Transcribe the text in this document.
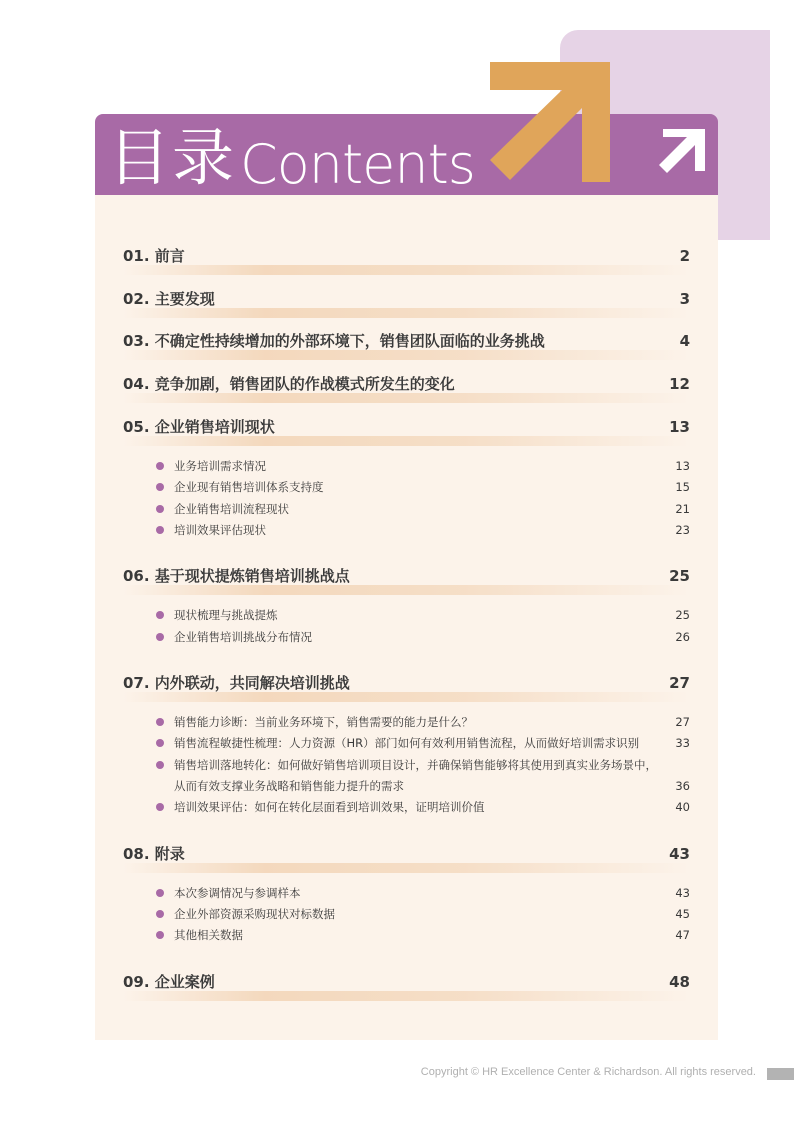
目录 Contents
01. 前言	2
02. 主要发现	3
03. 不确定性持续增加的外部环境下，销售团队面临的业务挑战	4
04. 竞争加剧，销售团队的作战模式所发生的变化	12
05. 企业销售培训现状	13
业务培训需求情况	13
企业现有销售培训体系支持度	15
企业销售培训流程现状	21
培训效果评估现状	23
06. 基于现状提炼销售培训挑战点	25
现状梳理与挑战提炼	25
企业销售培训挑战分布情况	26
07. 内外联动，共同解决培训挑战	27
销售能力诊断：当前业务环境下，销售需要的能力是什么？	27
销售流程敏捷性梳理：人力资源（HR）部门如何有效利用销售流程，从而做好培训需求识别	33
销售培训落地转化：如何做好销售培训项目设计，并确保销售能够将其使用到真实业务场景中，从而有效支撑业务战略和销售能力提升的需求	36
培训效果评估：如何在转化层面看到培训效果，证明培训价值	40
08. 附录	43
本次参调情况与参调样本	43
企业外部资源采购现状对标数据	45
其他相关数据	47
09. 企业案例	48
Copyright © HR Excellence Center & Richardson. All rights reserved.
